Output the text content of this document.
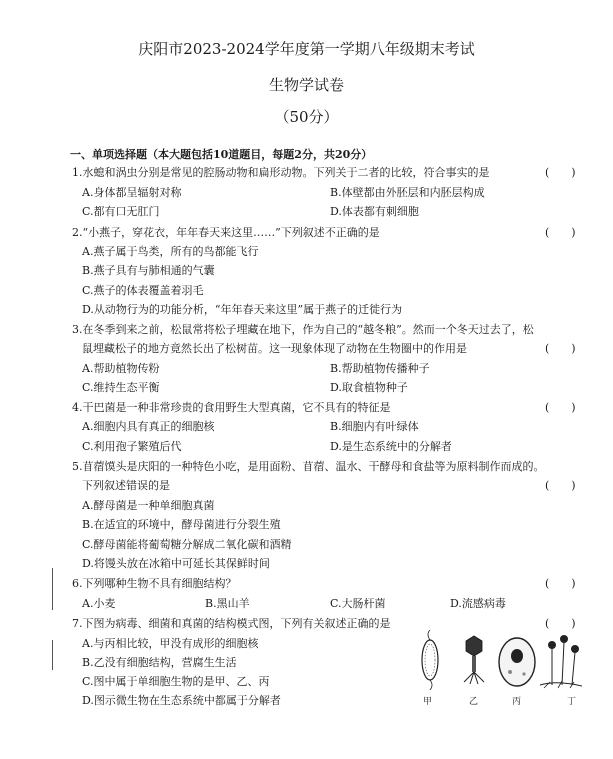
庆阳市2023-2024学年度第一学期八年级期末考试
生物学试卷
（50分）
一、单项选择题（本大题包括10道题目，每题2分，共20分）
1.水螅和涡虫分别是常见的腔肠动物和扁形动物。下列关于二者的比较，符合事实的是	(　　)
A.身体都呈辐射对称	B.体壁都由外胚层和内胚层构成
C.都有口无肛门	D.体表都有刺细胞
2.“小燕子，穿花衣，年年春天来这里……”下列叙述不正确的是	(　　)
A.燕子属于鸟类，所有的鸟都能飞行
B.燕子具有与肺相通的气囊
C.燕子的体表覆盖着羽毛
D.从动物行为的功能分析，“年年春天来这里”属于燕子的迁徙行为
3.在冬季到来之前，松鼠常将松子埋藏在地下，作为自己的“越冬粮”。然而一个冬天过去了，松
鼠埋藏松子的地方竟然长出了松树苗。这一现象体现了动物在生物圈中的作用是	(　　)
A.帮助植物传粉	B.帮助植物传播种子
C.维持生态平衡	D.取食植物种子
4.干巴菌是一种非常珍贵的食用野生大型真菌，它不具有的特征是	(　　)
A.细胞内具有真正的细胞核	B.细胞内有叶绿体
C.利用孢子繁殖后代	D.是生态系统中的分解者
5.苜蓿馍头是庆阳的一种特色小吃，是用面粉、苜蓿、温水、干酵母和食盐等为原料制作而成的。
下列叙述错误的是	(　　)
A.酵母菌是一种单细胞真菌
B.在适宜的环境中，酵母菌进行分裂生殖
C.酵母菌能将葡萄糖分解成二氧化碳和酒精
D.将馒头放在冰箱中可延长其保鲜时间
6.下列哪种生物不具有细胞结构？	(　　)
A.小麦	B.黑山羊	C.大肠杆菌	D.流感病毒
7.下图为病毒、细菌和真菌的结构模式图，下列有关叙述正确的是	(　　)
A.与丙相比较，甲没有成形的细胞核
B.乙没有细胞结构，营腐生生活
C.图中属于单细胞生物的是甲、乙、丙
D.图示微生物在生态系统中都属于分解者	甲	乙	丙	丁
